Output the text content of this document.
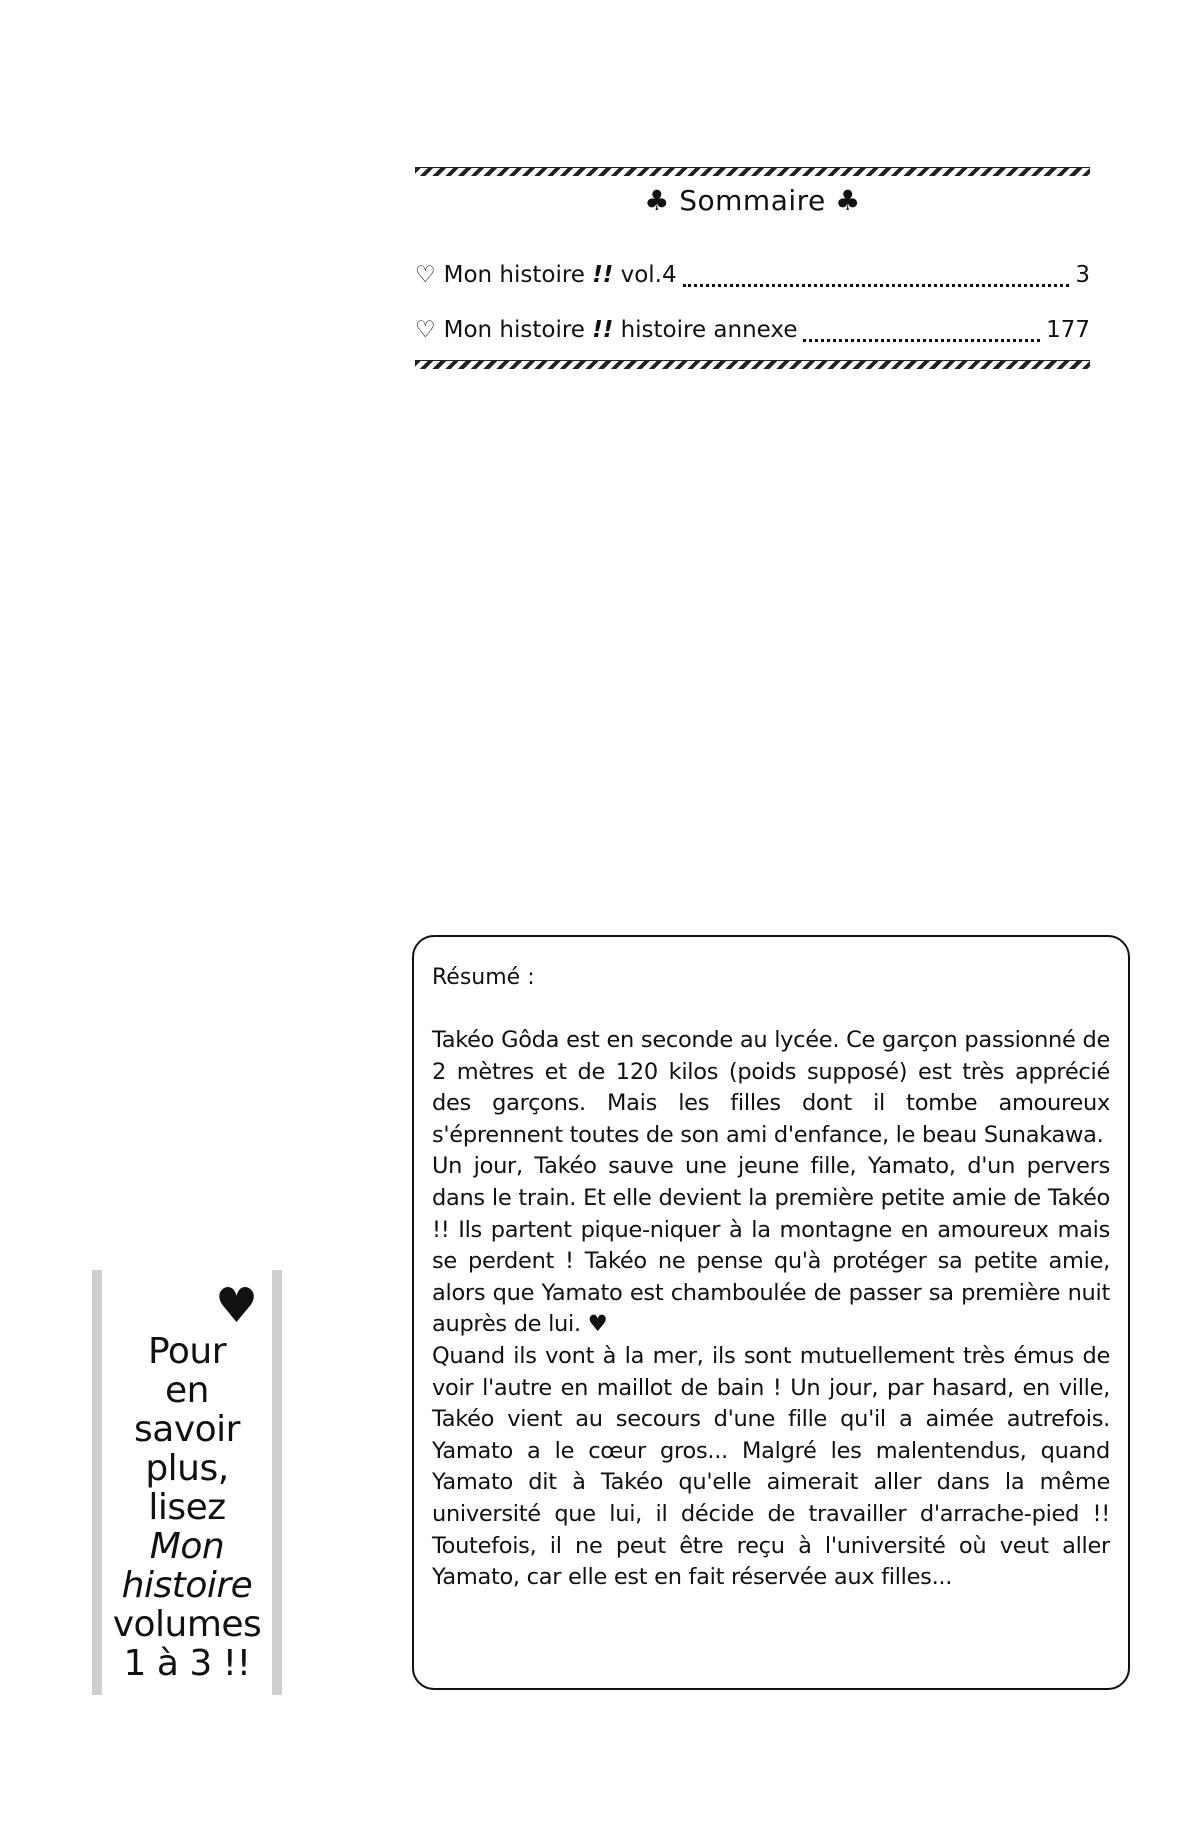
♣ Sommaire ♣
♡ Mon histoire
!!
vol.4	3
♡ Mon histoire
!!
histoire annexe	177
♥
Pour
en
savoir
plus,
lisez
Mon
histoire
volumes
1 à 3 !!
Résumé :

Takéo Gôda est en seconde au lycée. Ce garçon passionné de 2 mètres et de 120 kilos (poids supposé) est très apprécié des garçons. Mais les filles dont il tombe amoureux s'éprennent toutes de son ami d'enfance, le beau Sunakawa.

Un jour, Takéo sauve une jeune fille, Yamato, d'un pervers dans le train. Et elle devient la première petite amie de Takéo !! Ils partent pique-niquer à la montagne en amoureux mais se perdent ! Takéo ne pense qu'à protéger sa petite amie, alors que Yamato est chamboulée de passer sa première nuit auprès de lui. ♥

Quand ils vont à la mer, ils sont mutuellement très émus de voir l'autre en maillot de bain ! Un jour, par hasard, en ville, Takéo vient au secours d'une fille qu'il a aimée autrefois. Yamato a le cœur gros... Malgré les malentendus, quand Yamato dit à Takéo qu'elle aimerait aller dans la même université que lui, il décide de travailler d'arrache-pied !! Toutefois, il ne peut être reçu à l'université où veut aller Yamato, car elle est en fait réservée aux filles...
